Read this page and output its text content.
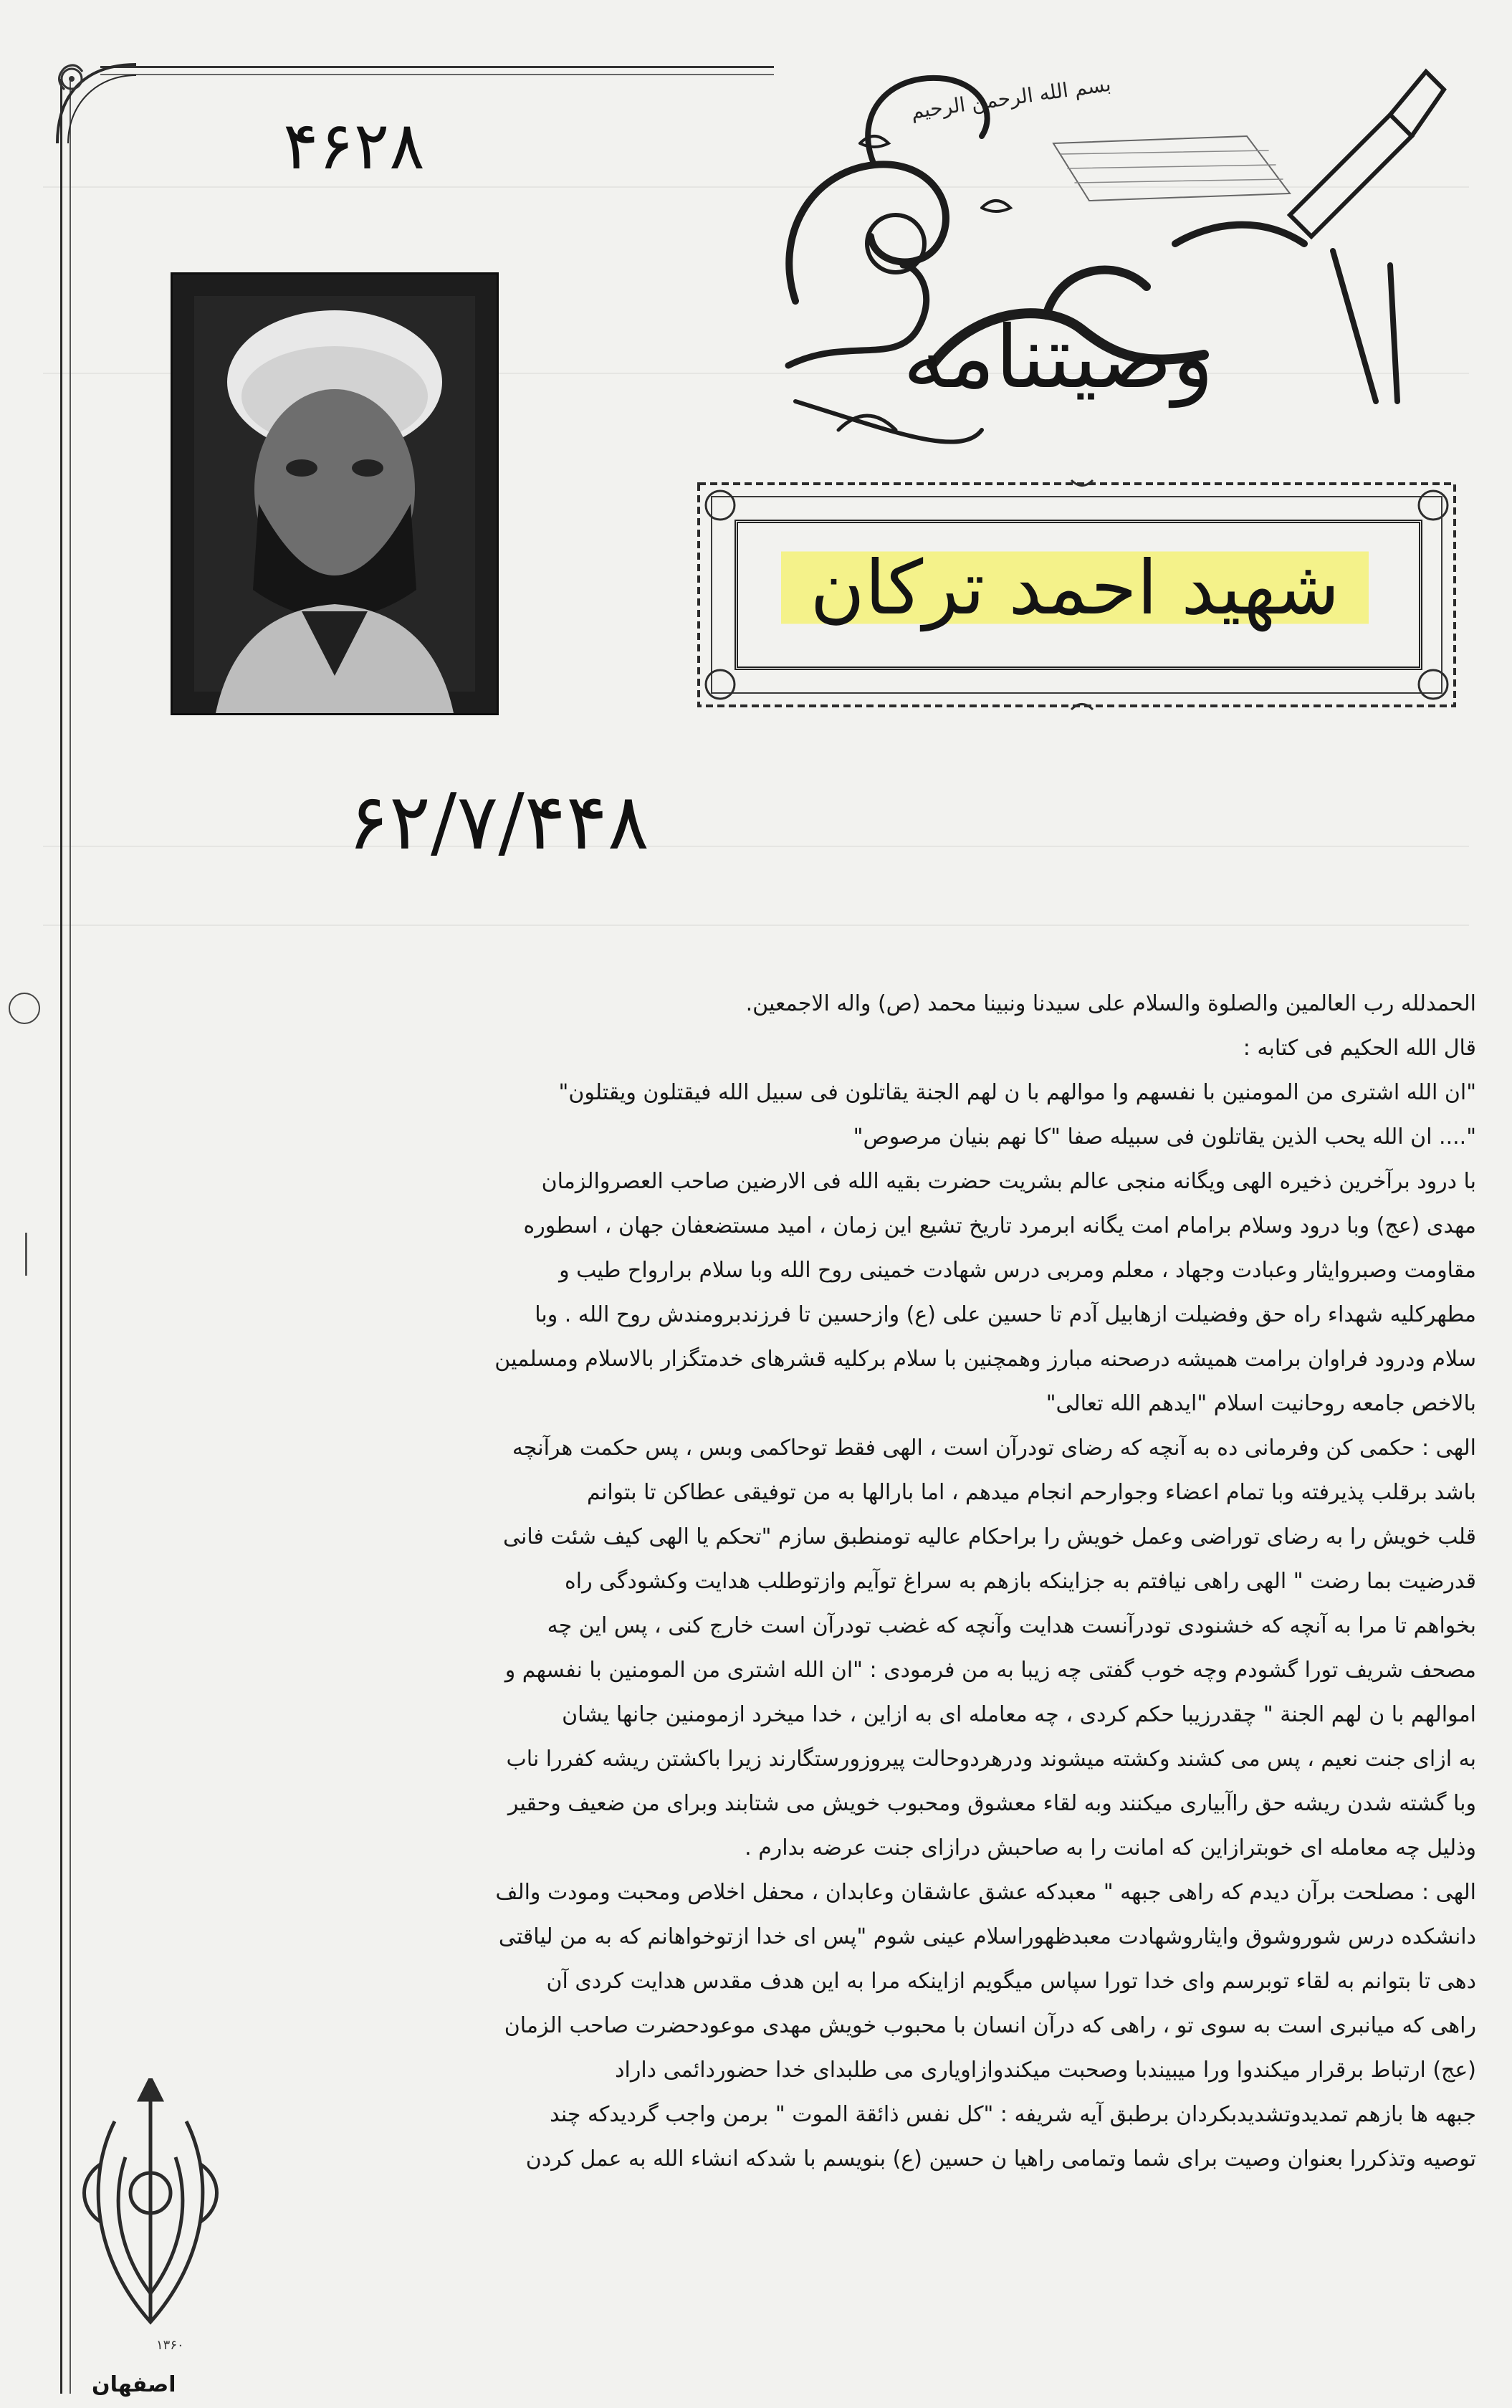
۴۶۲۸
بسم الله الرحمن الرحیم
وصیتنامه
شهید احمد ترکان
۶۲/۷/۴۴۸

الحمدلله رب العالمین والصلوة والسلام علی سیدنا ونبینا محمد (ص) واله الاجمعین.

قال الله الحکیم فی کتابه :

"ان الله اشتری من المومنین با نفسهم وا موالهم با ن لهم الجنة یقاتلون فی سبیل الله فیقتلون ویقتلون"

".... ان الله یحب الذین یقاتلون فی سبیله صفا "کا نهم بنیان مرصوص"

با درود برآخرین ذخیره الهی ویگانه منجی عالم بشریت حضرت بقیه الله فی الارضین صاحب العصروالزمان

مهدی (عج) وبا درود وسلام برامام امت یگانه ابرمرد تاریخ تشیع این زمان ، امید مستضعفان جهان ، اسطوره

مقاومت وصبروایثار وعبادت وجهاد ، معلم ومربی درس شهادت خمینی روح الله وبا سلام برارواح طیب و

مطهرکلیه شهداء راه حق وفضیلت ازهابیل آدم تا حسین علی (ع) وازحسین تا فرزندبرومندش روح الله . وبا

سلام ودرود فراوان برامت همیشه درصحنه مبارز وهمچنین با سلام برکلیه قشرهای خدمتگزار بالاسلام ومسلمین

بالاخص جامعه روحانیت اسلام "ایدهم الله تعالی"

الهی : حکمی کن وفرمانی ده به آنچه که رضای تودرآن است ، الهی فقط توحاکمی وبس ، پس حکمت هرآنچه

باشد برقلب پذیرفته وبا تمام اعضاء وجوارحم انجام میدهم ، اما بارالها به من توفیقی عطاکن تا بتوانم

قلب خویش را به رضای توراضی وعمل خویش را براحکام عالیه تومنطبق سازم "تحکم یا الهی کیف شئت فانی

قدرضیت بما رضت " الهی راهی نیافتم به جزاینکه بازهم به سراغ توآیم وازتوطلب هدایت وکشودگی راه

بخواهم تا مرا به آنچه که خشنودی تودرآنست هدایت وآنچه که غضب تودرآن است خارج کنی ، پس این چه

مصحف شریف تورا گشودم وچه خوب گفتی چه زیبا به من فرمودی : "ان الله اشتری من المومنین با نفسهم و

اموالهم با ن لهم الجنة " چقدرزیبا حکم کردی ، چه معامله ای به ازاین ، خدا میخرد ازمومنین جانها یشان

به ازای جنت نعیم ، پس می کشند وکشته میشوند ودرهردوحالت پیروزورستگارند زیرا باکشتن ریشه کفررا ناب

وبا گشته شدن ریشه حق راآبیاری میکنند وبه لقاء معشوق ومحبوب خویش می شتابند وبرای من ضعیف وحقیر

وذلیل چه معامله ای خوبترازاین که امانت را به صاحبش درازای جنت عرضه بدارم .

الهی : مصلحت برآن دیدم که راهی جبهه " معبدکه عشق عاشقان وعابدان ، محفل اخلاص ومحبت ومودت والف

دانشکده درس شوروشوق وایثاروشهادت معبدظهوراسلام عینی شوم "پس ای خدا ازتوخواهانم که به من لیاقتی

دهی تا بتوانم به لقاء توبرسم وای خدا تورا سپاس میگویم ازاینکه مرا به این هدف مقدس هدایت کردی آن

راهی که میانبری است به سوی تو ، راهی که درآن انسان با محبوب خویش مهدی موعودحضرت صاحب الزمان

(عج) ارتباط برقرار میکندوا ورا میبیندبا وصحبت میکندوازاویاری می طلبدای خدا حضوردائمی داراد

جبهه ها بازهم تمدیدوتشدیدبکردان برطبق آیه شریفه : "کل نفس ذائقة الموت " برمن واجب گردیدکه چند

توصیه وتذکررا بعنوان وصیت برای شما وتمامی راهیا ن حسین (ع) بنویسم با شدکه انشاء الله به عمل کردن

۱۳۶۰
اصفهان
